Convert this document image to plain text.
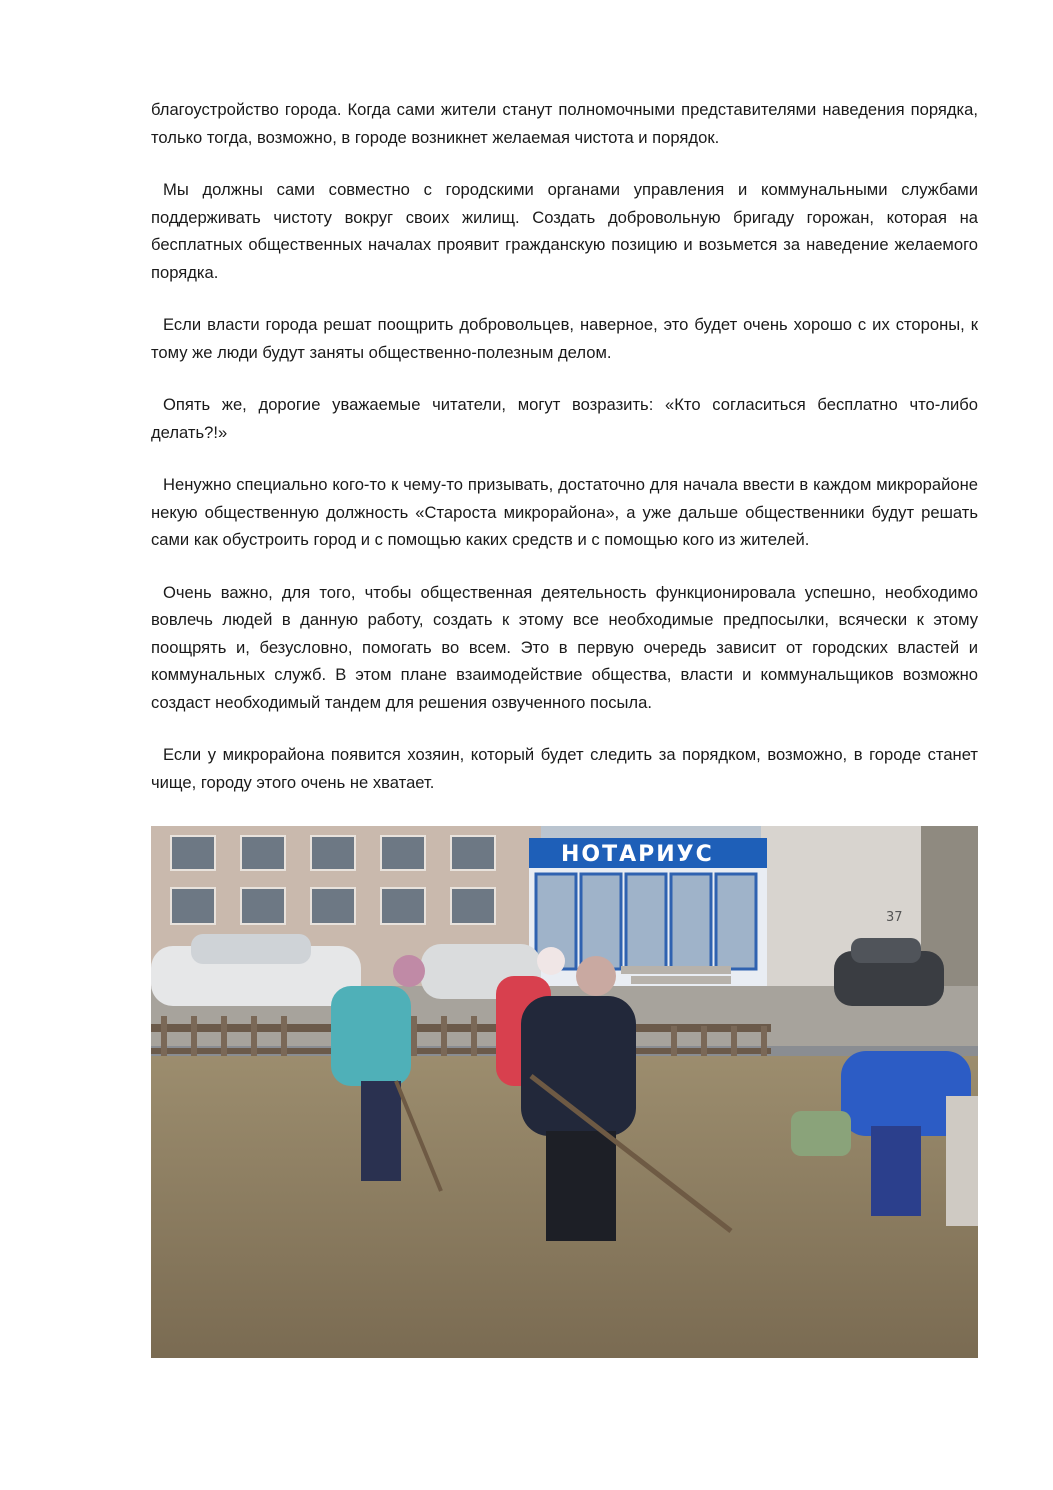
благоустройство города. Когда сами жители станут полномочными представителями наведения порядка, только тогда, возможно, в городе возникнет желаемая чистота и порядок.

Мы должны сами совместно с городскими органами управления и коммунальными службами поддерживать чистоту вокруг своих жилищ. Создать добровольную бригаду горожан, которая на бесплатных общественных началах проявит гражданскую позицию и возьмется за наведение желаемого порядка.

Если власти города решат поощрить добровольцев, наверное, это будет очень хорошо с их стороны, к тому же люди будут заняты общественно-полезным делом.

Опять же, дорогие уважаемые читатели, могут возразить: «Кто согласиться бесплатно что-либо делать?!»

Ненужно специально кого-то к чему-то призывать, достаточно для начала ввести в каждом микрорайоне некую общественную должность «Староста микрорайона», а уже дальше общественники будут решать сами как обустроить город и с помощью каких средств и с помощью кого из жителей.

Очень важно, для того, чтобы общественная деятельность функционировала успешно, необходимо вовлечь людей в данную работу, создать к этому все необходимые предпосылки, всячески к этому поощрять и, безусловно, помогать во всем. Это в первую очередь зависит от городских властей и коммунальных служб. В этом плане взаимодействие общества, власти и коммунальщиков возможно создаст необходимый тандем для решения озвученного посыла.

Если у микрорайона появится хозяин, который будет следить за порядком, возможно, в городе станет чище, городу этого очень не хватает.

37
НОТАРИУС
